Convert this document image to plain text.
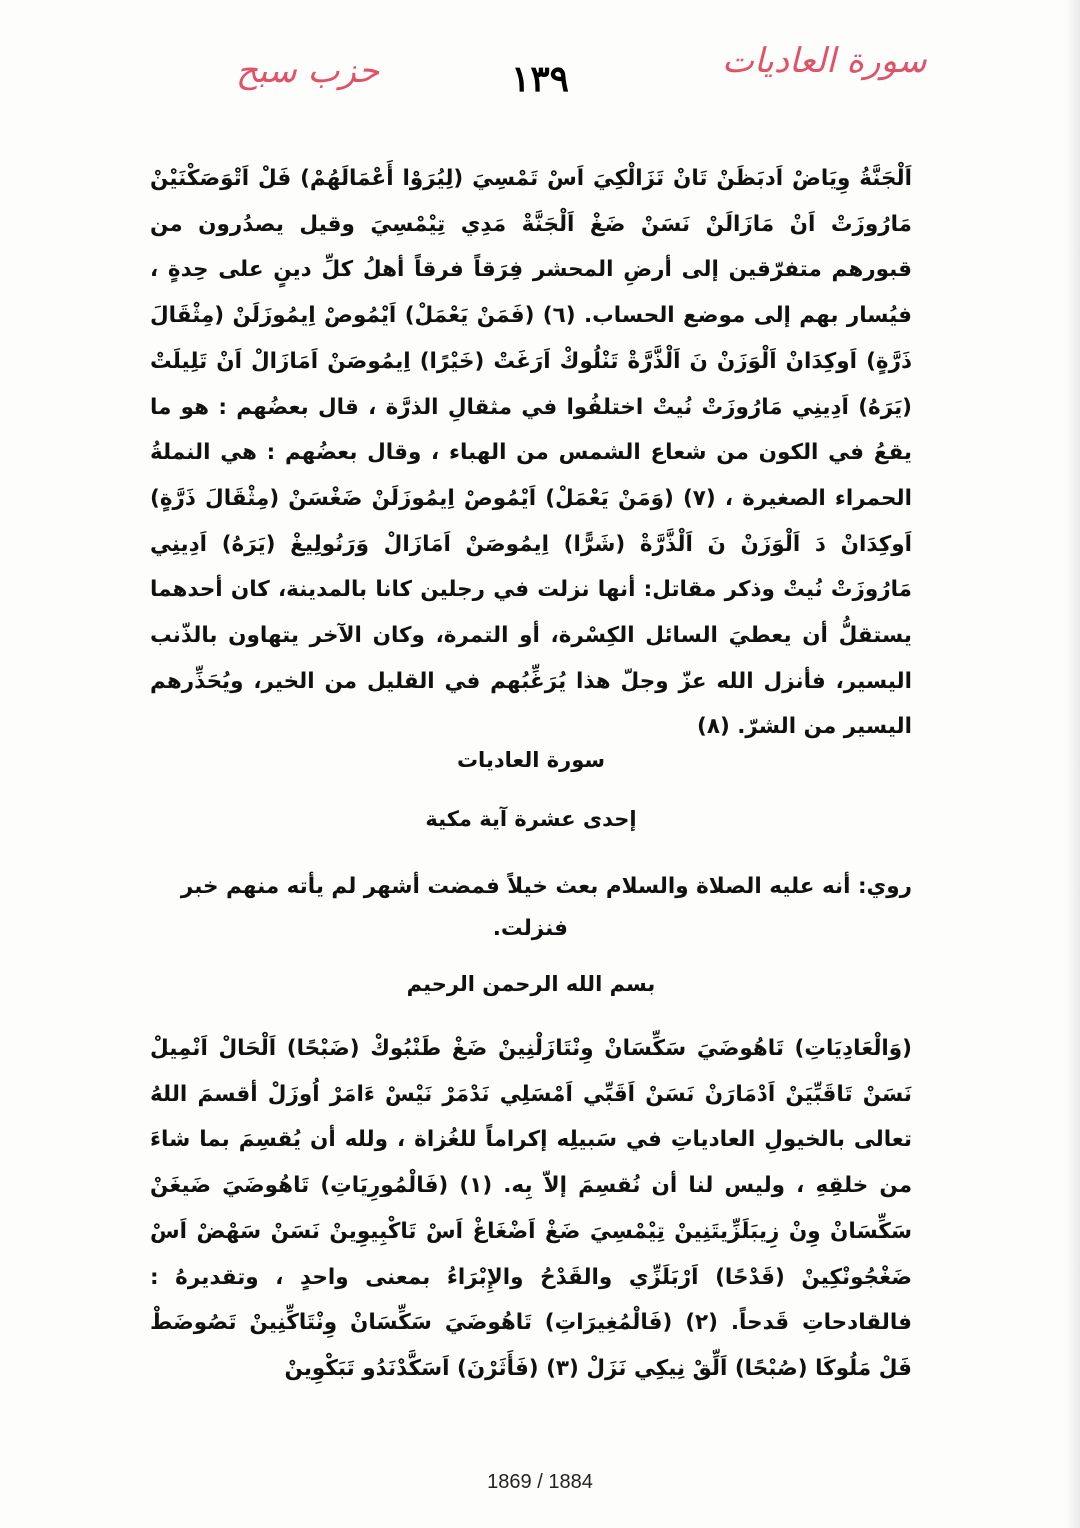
سورة العاديات
١٣٩
حزب سبح
اَلْجَنَّةُ وِيَاضْ اَدبَظَنْ تَانْ تَزَالْكِيَ اَسْ تَمْسِيَ (لِيُرَوْا أَعْمَالَهُمْ) فَلْ اَتْوَصَكْنَيْنْ مَارُوزَتْ اَنْ مَازَالَنْ نَسَنْ ضَغْ اَلْجَنَّةْ مَدِي تِيْمْسِيَ وقيل يصدُرون من قبورهم متفرّقين إلى أرضِ المحشر فِرَقاً فرقاً أهلُ كلِّ دينٍ على حِدةٍ ، فيُسار بهم إلى موضع الحساب. (٦) (فَمَنْ يَعْمَلْ) اَيْمُوصْ اِيمُوزَلَنْ (مِثْقَالَ ذَرَّةٍ) اَوكِدَانْ اَلْوَزَنْ نَ اَلْذَّرَّةْ تَنْلُوكْ اَرَغَتْ (خَيْرًا) اِيمُوصَنْ اَمَازَالْ اَنْ تَلِيلَتْ (يَرَهُ) اَدِينِي مَارُوزَتْ نُيتْ اختلفُوا في مثقالِ الذرَّة ، قال بعضُهم : هو ما يقعُ في الكون من شعاع الشمس من الهباء ، وقال بعضُهم : هي النملةُ الحمراء الصغيرة ، (٧) (وَمَنْ يَعْمَلْ) اَيْمُوصْ اِيمُوزَلَنْ ضَغْسَنْ (مِثْقَالَ ذَرَّةٍ) اَوكِدَانْ دَ اَلْوَزَنْ نَ اَلْذَّرَّةْ (شَرًّا) اِيمُوصَنْ اَمَازَالْ وَرَنُولِيغْ (يَرَهُ) اَدِينِي مَارُوزَتْ نُيتْ وذكر مقاتل: أنها نزلت في رجلين كانا بالمدينة، كان أحدهما يستقلُّ أن يعطيَ السائل الكِسْرة، أو التمرة، وكان الآخر يتهاون بالذّنب اليسير، فأنزل الله عزّ وجلّ هذا يُرَغِّبُهم في القليل من الخير، ويُحَذِّرهم اليسير من الشرّ. (٨)
سورة العاديات
إحدى عشرة آية مكية
روي: أنه عليه الصلاة والسلام بعث خيلاً فمضت أشهر لم يأته منهم خبر
فنزلت.
بسم الله الرحمن الرحيم
(وَالْعَادِيَاتِ) تَاهُوضَيَ سَكِّسَانْ وِنْتَازَلْنِينْ ضَغْ طَنْبُوكْ (ضَبْحًا) اَلْحَالْ اَنْمِيلْ نَسَنْ تَاقَبِّيَنْ اَدْمَارَنْ نَسَنْ اَقَبِّي اَمْسَلِي نَدْمَرْ نَيْسْ ءَامَرْ اُوزَلْ أقسمَ اللهُ تعالى بالخيولِ العادياتِ في سَبيلِه إكراماً للغُزاة ، ولله أن يُقسِمَ بما شاءَ من خلقِهِ ، وليس لنا أن نُقسِمَ إلاّ بِه. (١) (فَالْمُورِيَاتِ) تَاهُوضَيَ ضَيغَنْ سَكِّسَانْ وِنْ زِيبَلَزِّيتَنِينْ تِيْمْسِيَ ضَغْ اَضْغَاغْ اَسْ تَاكْبِيوِينْ نَسَنْ سَهْضْ اَسْ ضَغْجُونْكِينْ (قَدْحًا) اَرْبَلَزِّي والقَدْحُ والإِبْرَاءُ بمعنى واحدٍ ، وتقديرهُ : فالقادحاتِ قَدحاً. (٢) (فَالْمُغِيرَاتِ) تَاهُوضَيَ سَكِّسَانْ وِنْتَاكِّنِينْ تَصُوضَطْ فَلْ مَلُوكَا (صُبْحًا) اَلِّقْ نِيكِي نَزَلْ (٣) (فَأَثَرْنَ) اَسَكَّدْنَدُو تَبَكْوِينْ
1869 / 1884
